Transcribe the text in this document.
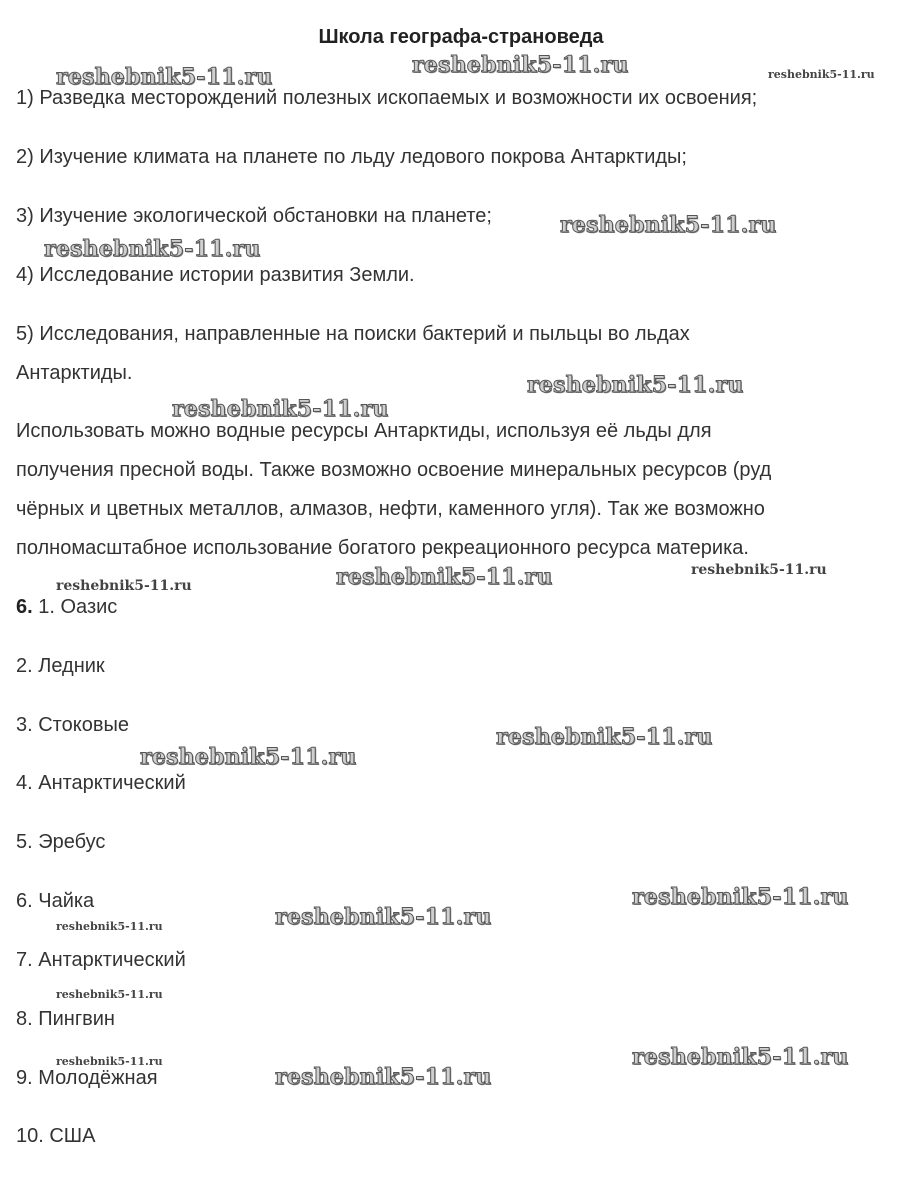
Школа географа-страноведа
1) Разведка месторождений полезных ископаемых и возможности их освоения;
2) Изучение климата на планете по льду ледового покрова Антарктиды;
3) Изучение экологической обстановки на планете;
4) Исследование истории развития Земли.
5) Исследования, направленные на поиски бактерий и пыльцы во льдах
Антарктиды.
Использовать можно водные ресурсы Антарктиды, используя её льды для
получения пресной воды. Также возможно освоение минеральных ресурсов (руд
чёрных и цветных металлов, алмазов, нефти, каменного угля). Так же возможно
полномасштабное использование богатого рекреационного ресурса материка.
6. 1. Оазис
2. Ледник
3. Стоковые
4. Антарктический
5. Эребус
6. Чайка
7. Антарктический
8. Пингвин
9. Молодёжная
10. США
reshebnik5-11.ru	reshebnik5-11.ru	reshebnik5-11.ru
reshebnik5-11.ru
reshebnik5-11.ru
reshebnik5-11.ru
reshebnik5-11.ru
reshebnik5-11.ru	reshebnik5-11.ru	reshebnik5-11.ru
reshebnik5-11.ru
reshebnik5-11.ru
reshebnik5-11.ru
reshebnik5-11.ru	reshebnik5-11.ru
reshebnik5-11.ru
reshebnik5-11.ru
reshebnik5-11.ru
reshebnik5-11.ru
